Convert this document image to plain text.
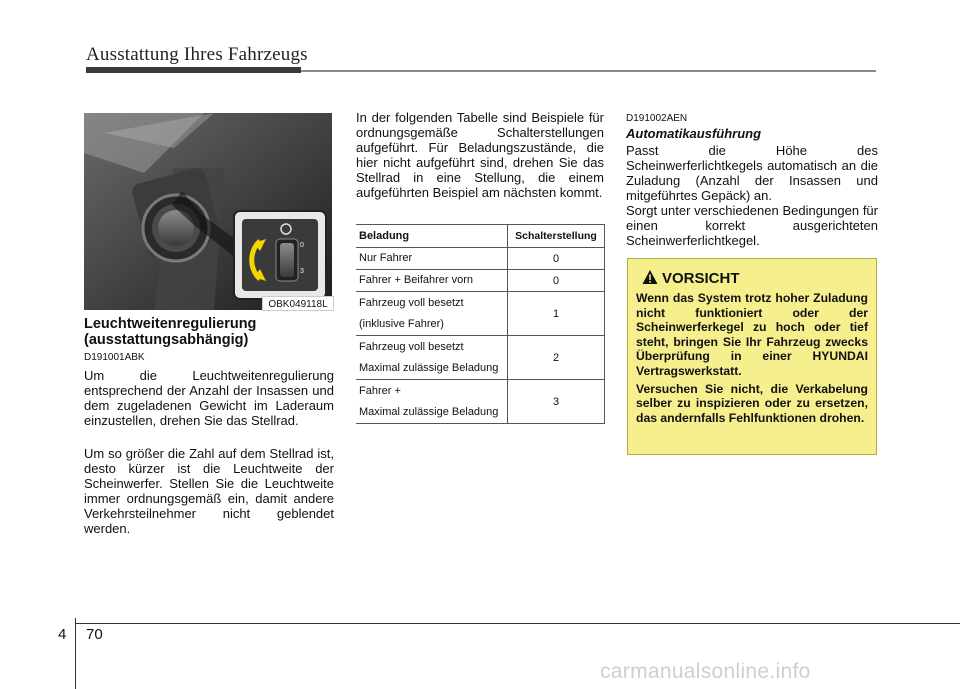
Ausstattung Ihres Fahrzeugs
0
3
OBK049118L
Leuchtweitenregulierung (ausstattungsabhängig)
D191001ABK
Um die Leuchtweitenregulierung entsprechend der Anzahl der Insassen und dem zugeladenen Gewicht im Laderaum einzustellen, drehen Sie das Stellrad.
Um so größer die Zahl auf dem Stellrad ist, desto kürzer ist die Leuchtweite der Scheinwerfer. Stellen Sie die Leuchtweite immer ordnungsgemäß ein, damit andere Verkehrsteilnehmer nicht geblendet werden.
In der folgenden Tabelle sind Beispiele für ordnungsgemäße Schalterstellungen aufgeführt. Für Beladungszustände, die hier nicht aufgeführt sind, drehen Sie das Stellrad in eine Stellung, die einem aufgeführten Beispiel am nächsten kommt.
Beladung	Schalterstellung
Nur Fahrer	0
Fahrer + Beifahrer vorn	0

Fahrzeug voll besetzt
(inklusive Fahrer)	1

Fahrzeug voll besetzt
Maximal zulässige Beladung	2

Fahrer +
Maximal zulässige Beladung	3
D191002AEN
Automatikausführung
Passt die Höhe des Scheinwerferlichtkegels automatisch an die Zuladung (Anzahl der Insassen und mitgeführtes Gepäck) an.
Sorgt unter verschiedenen Bedingungen für einen korrekt ausgerichteten Scheinwerferlichtkegel.
VORSICHT

Wenn das System trotz hoher Zuladung nicht funktioniert oder der Scheinwerferkegel zu hoch oder tief steht, bringen Sie Ihr Fahrzeug zwecks Überprüfung in einer HYUNDAI Vertragswerkstatt.

Versuchen Sie nicht, die Verkabelung selber zu inspizieren oder zu ersetzen, das andernfalls Fehlfunktionen drohen.

4 70
carmanualsonline.info
